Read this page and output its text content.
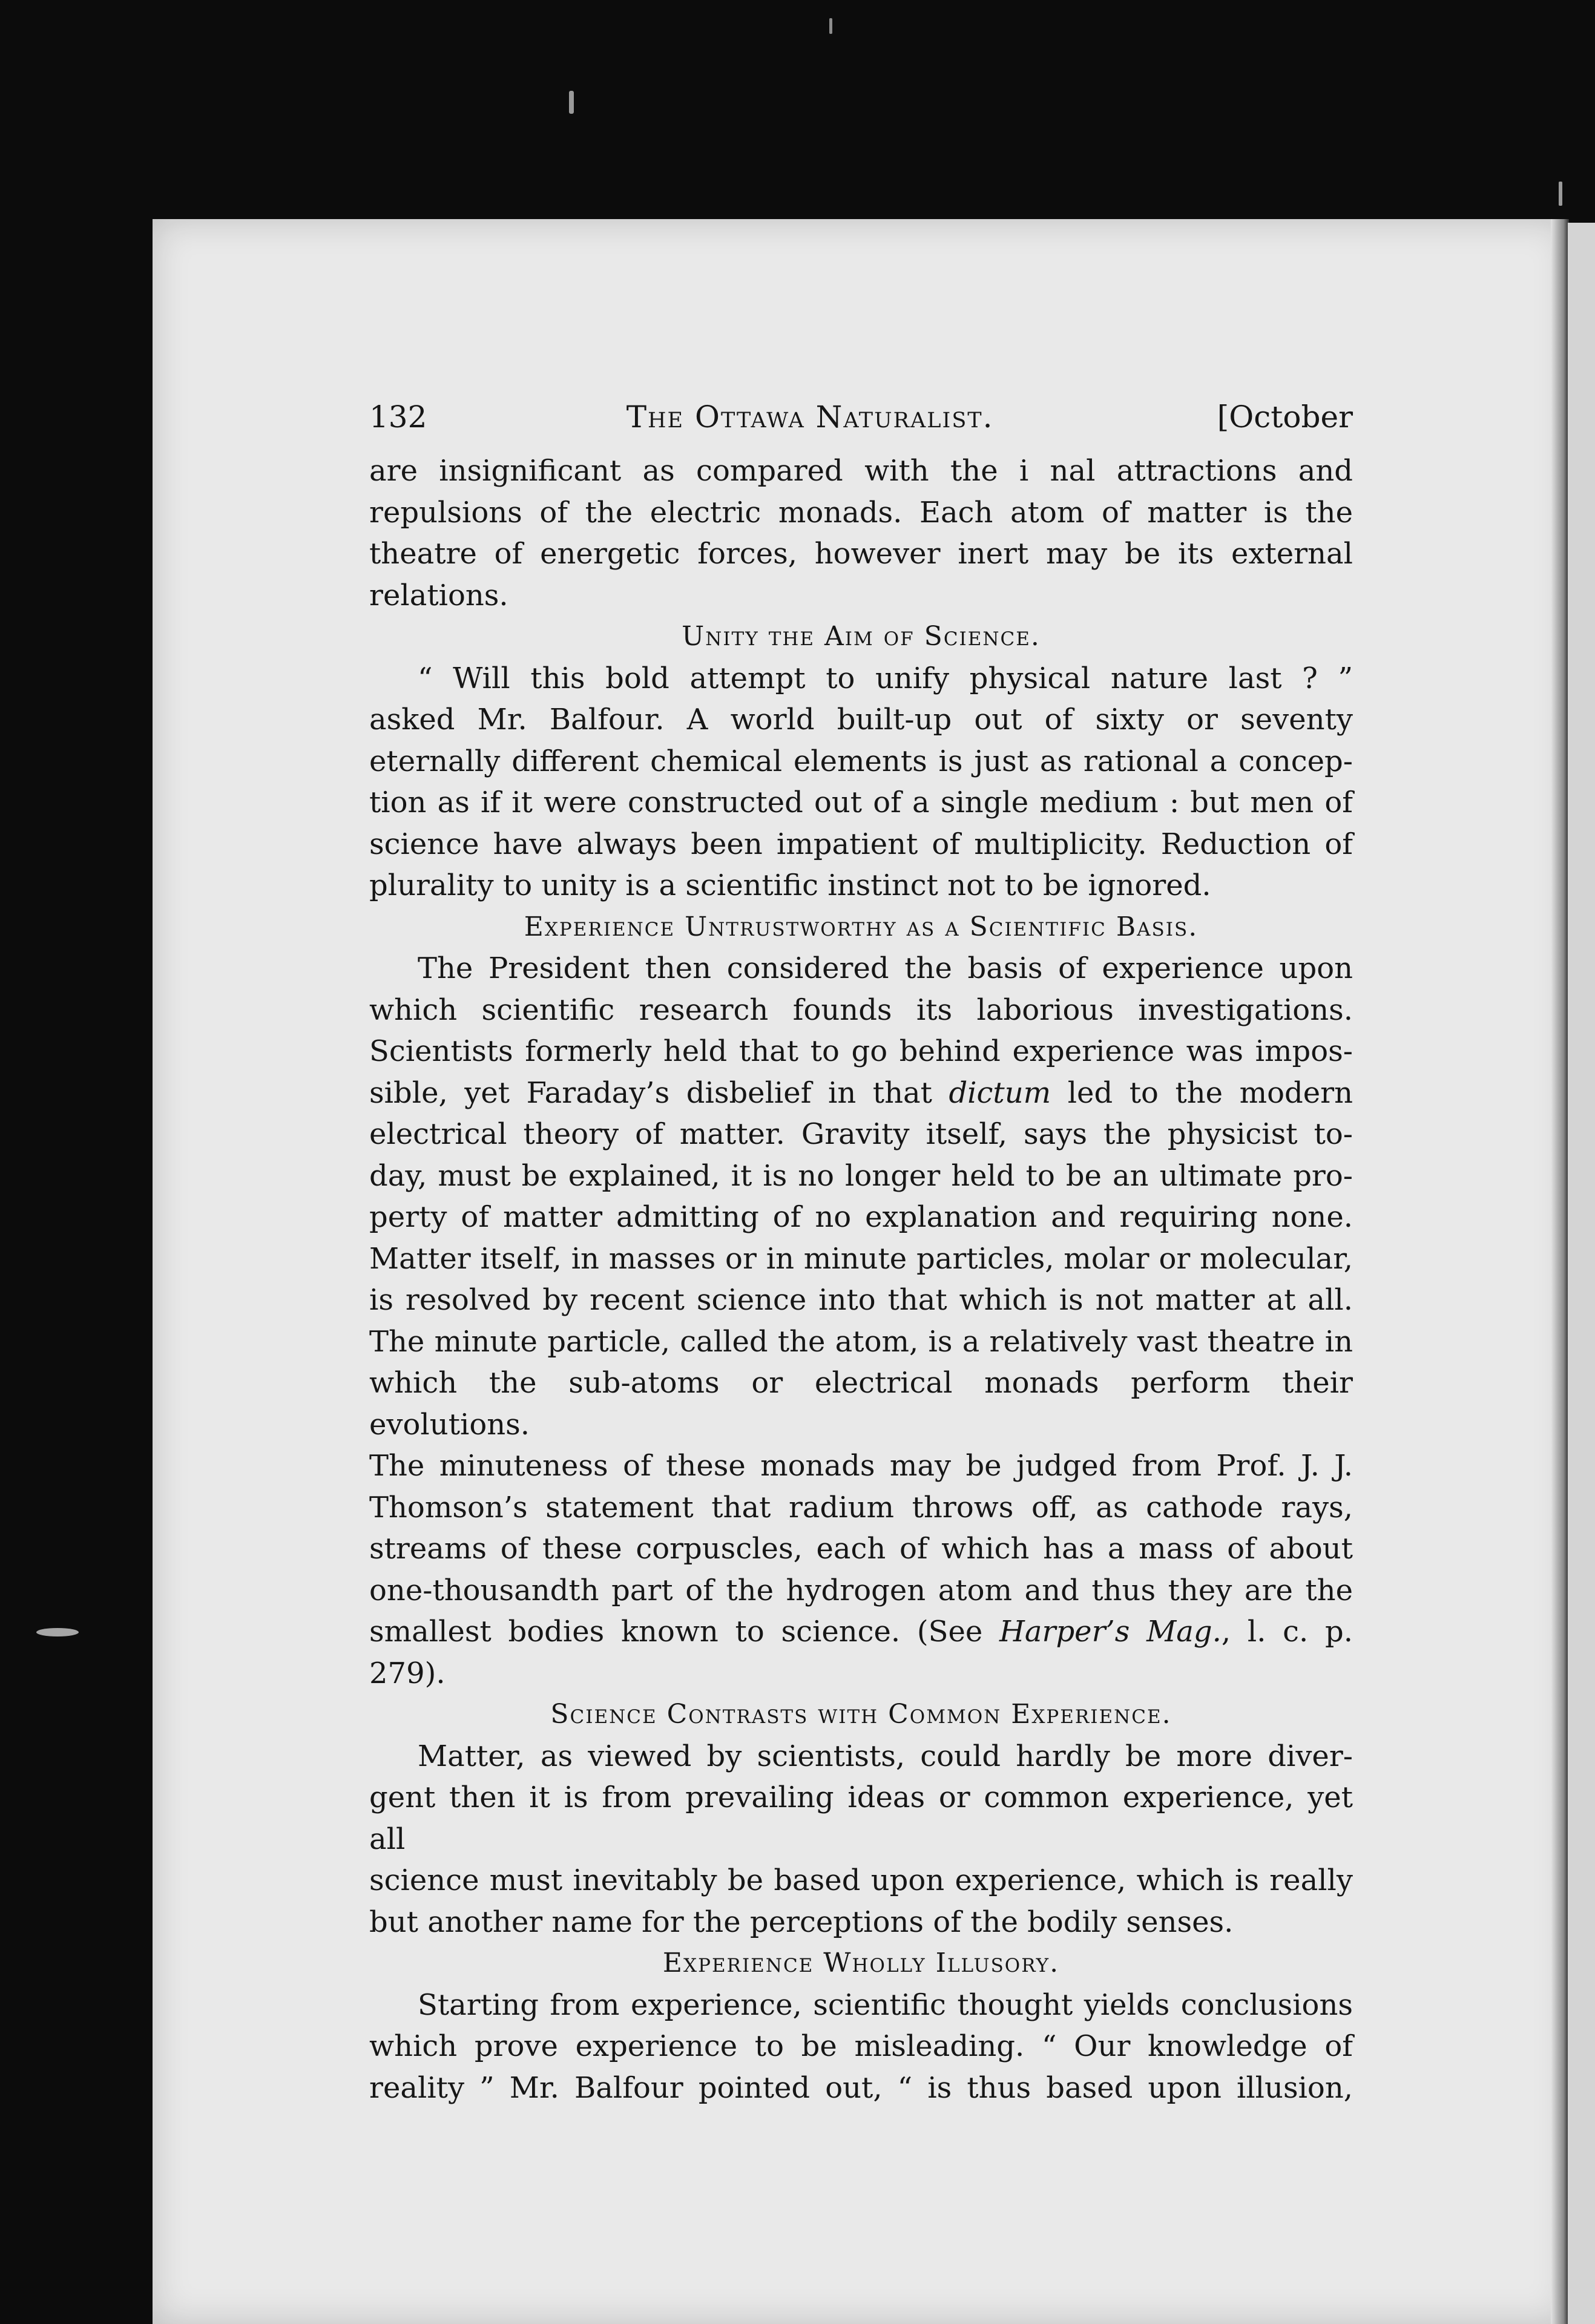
132	The Ottawa Naturalist.	[October

are insignificant as compared with the i nal attractions and

repulsions of the electric monads. Each atom of matter is the

theatre of energetic forces, however inert may be its external

relations.

Unity the Aim of Science.

“ Will this bold attempt to unify physical nature last ? ”

asked Mr. Balfour. A world built-up out of sixty or seventy

eternally different chemical elements is just as rational a concep-

tion as if it were constructed out of a single medium : but men of

science have always been impatient of multiplicity. Reduction of

plurality to unity is a scientific instinct not to be ignored.

Experience Untrustworthy as a Scientific Basis.

The President then considered the basis of experience upon

which scientific research founds its laborious investigations.

Scientists formerly held that to go behind experience was impos-

sible, yet Faraday’s disbelief in that dictum led to the modern

electrical theory of matter. Gravity itself, says the physicist to-

day, must be explained, it is no longer held to be an ultimate pro-

perty of matter admitting of no explanation and requiring none.

Matter itself, in masses or in minute particles, molar or molecular,

is resolved by recent science into that which is not matter at all.

The minute particle, called the atom, is a relatively vast theatre in

which the sub-atoms or electrical monads perform their evolutions.

The minuteness of these monads may be judged from Prof. J. J.

Thomson’s statement that radium throws off, as cathode rays,

streams of these corpuscles, each of which has a mass of about

one-thousandth part of the hydrogen atom and thus they are the

smallest bodies known to science. (See Harper’s Mag., l. c. p. 279).

Science Contrasts with Common Experience.

Matter, as viewed by scientists, could hardly be more diver-

gent then it is from prevailing ideas or common experience, yet all

science must inevitably be based upon experience, which is really

but another name for the perceptions of the bodily senses.

Experience Wholly Illusory.

Starting from experience, scientific thought yields conclusions

which prove experience to be misleading. “ Our knowledge of

reality ” Mr. Balfour pointed out, “ is thus based upon illusion,
